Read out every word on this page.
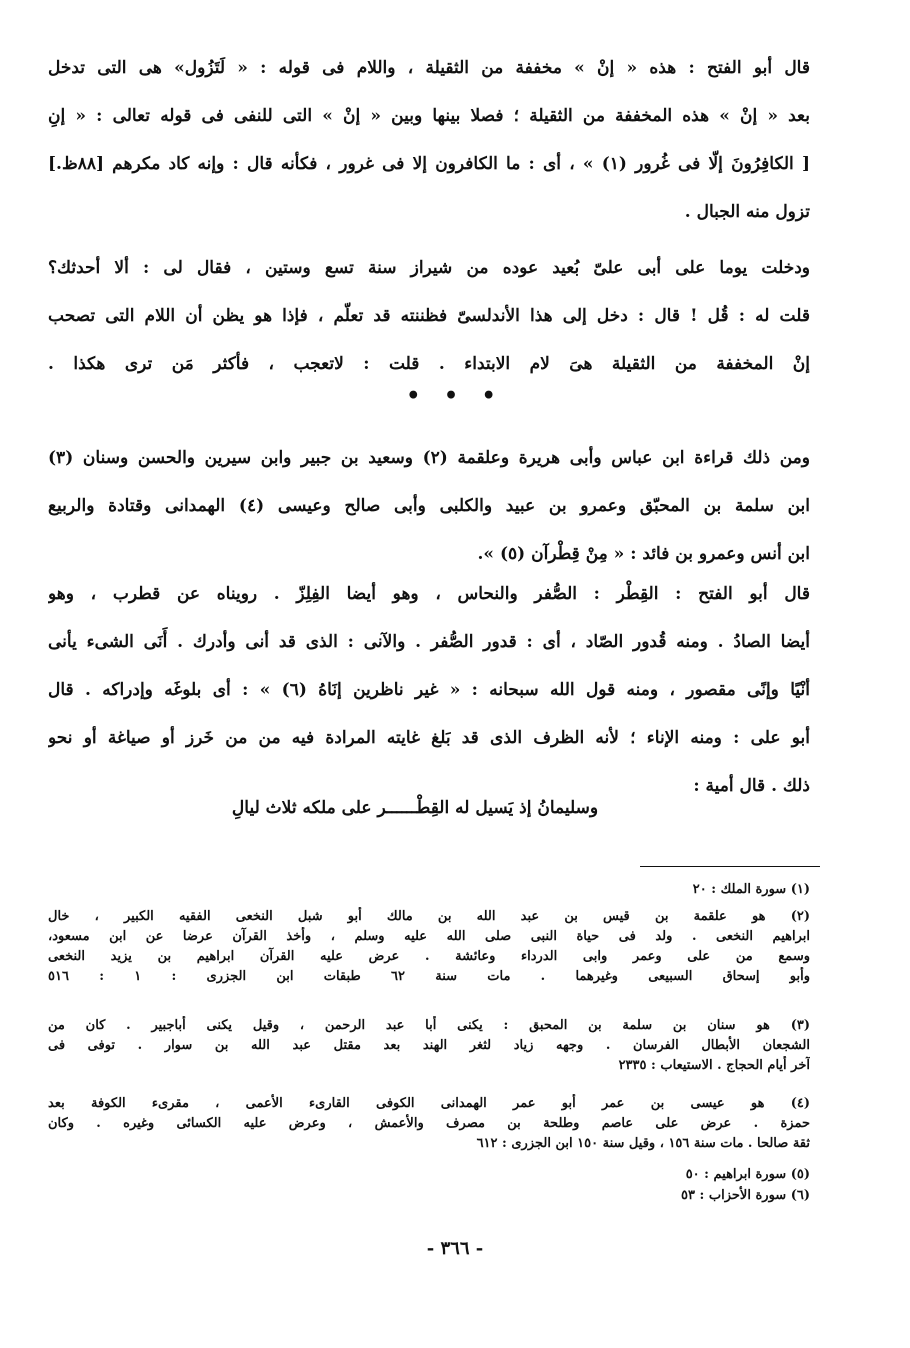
قال أبو الفتح : هذه « إنْ » مخففة من الثقيلة ، واللام فى قوله : « لَتَزُول» هى التى تدخل
بعد « إنْ » هذه المخففة من الثقيلة ؛ فصلا بينها وبين « إنْ » التى للنفى فى قوله تعالى : « إنِ
[ الكافِرُونَ إلّا فى غُرور (١) » ، أى : ما الكافرون إلا فى غرور ، فكأنه قال : وإنه كاد مكرهم [٨٨ظ.]
تزول منه الجبال .
ودخلت يوما على أبى علىّ بُعيد عوده من شيراز سنة تسع وستين ، فقال لى : ألا أحدثك؟
قلت له : قُل ! قال : دخل إلى هذا الأندلسىّ فظننته قد تعلّم ، فإذا هو يظن أن اللام التى تصحب
إنْ المخففة من الثقيلة هىَ لام الابتداء . قلت : لاتعجب ، فأكثر مَن ترى هكذا .
• • •
ومن ذلك قراءة ابن عباس وأبى هريرة وعلقمة (٢) وسعيد بن جبير وابن سيرين والحسن وسنان (٣)
ابن سلمة بن المحبّق وعمرو بن عبيد والكلبى وأبى صالح وعيسى (٤) الهمدانى وقتادة والربيع
ابن أنس وعمرو بن فائد : « مِنْ قِطْرآن (٥) ».
قال أبو الفتح : القِطْر : الصُّفر والنحاس ، وهو أيضا الفِلِزّ . رويناه عن قطرب ، وهو
أيضا الصادُ . ومنه قُدور الصّاد ، أى : قدور الصُّفر . والآنى : الذى قد أنى وأدرك . أَنَى الشىء يأنى
أنْيًا وإنًى مقصور ، ومنه قول الله سبحانه : « غير ناظرين إنَاهُ (٦) » : أى بلوغَه وإدراكه . قال
أبو على : ومنه الإناء ؛ لأنه الظرف الذى قد بَلغ غايته المرادة فيه من من خَرز أو صياغة أو نحو
ذلك . قال أمية :
وسليمانُ إذ يَسيل له القِطْــــــر على ملكه ثلاث ليالِ
(١) سورة الملك : ٢٠
(٢) هو علقمة بن قيس بن عبد الله بن مالك أبو شبل النخعى الفقيه الكبير ، خال
ابراهيم النخعى . ولد فى حياة النبى صلى الله عليه وسلم ، وأخذ القرآن عرضا عن ابن مسعود،
وسمع من على وعمر وابى الدرداء وعائشة . عرض عليه القرآن ابراهيم بن يزيد النخعى
وأبو إسحاق السبيعى وغيرهما . مات سنة ٦٢ طبقات ابن الجزرى : ١ : ٥١٦
(٣) هو سنان بن سلمة بن المحبق : يكنى أبا عبد الرحمن ، وقيل يكنى أباجبير . كان من
الشجعان الأبطال الفرسان . وجهه زياد لثغر الهند بعد مقتل عبد الله بن سوار . توفى فى
آخر أيام الحجاج . الاستيعاب : ٢٣٣٥
(٤) هو عيسى بن عمر أبو عمر الهمدانى الكوفى القارىء الأعمى ، مقرىء الكوفة بعد
حمزة . عرض على عاصم وطلحة بن مصرف والأعمش ، وعرض عليه الكسائى وغيره . وكان
ثقة صالحا . مات سنة ١٥٦ ، وقيل سنة ١٥٠ ابن الجزرى : ٦١٢
(٥) سورة ابراهيم : ٥٠
(٦) سورة الأحزاب : ٥٣
- ٣٦٦ -
